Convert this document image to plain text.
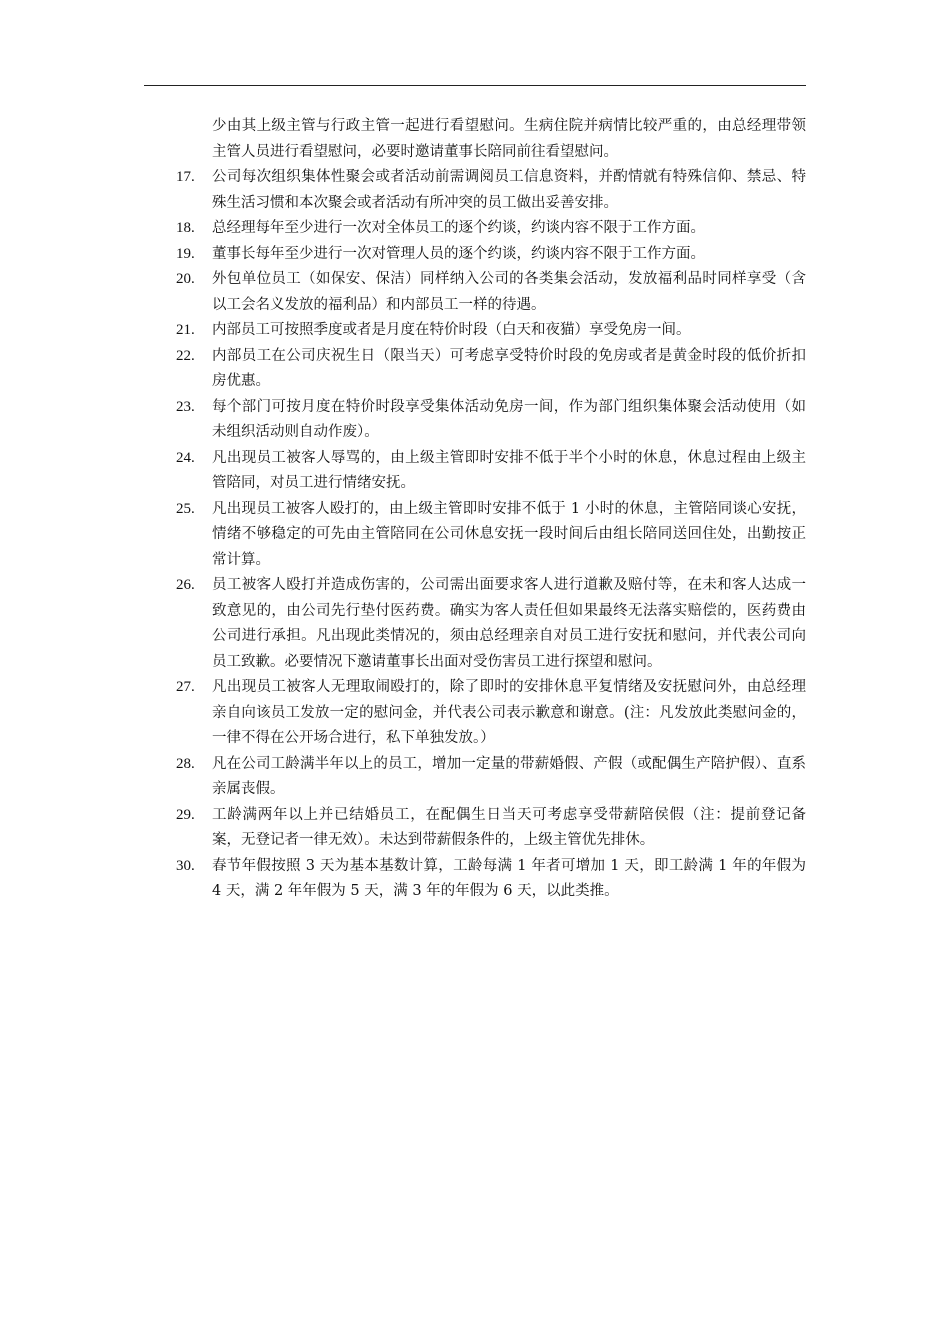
少由其上级主管与行政主管一起进行看望慰问。生病住院并病情比较严重的，由总经理带领主管人员进行看望慰问，必要时邀请董事长陪同前往看望慰问。
17. 公司每次组织集体性聚会或者活动前需调阅员工信息资料，并酌情就有特殊信仰、禁忌、特殊生活习惯和本次聚会或者活动有所冲突的员工做出妥善安排。
18. 总经理每年至少进行一次对全体员工的逐个约谈，约谈内容不限于工作方面。
19. 董事长每年至少进行一次对管理人员的逐个约谈，约谈内容不限于工作方面。
20. 外包单位员工（如保安、保洁）同样纳入公司的各类集会活动，发放福利品时同样享受（含以工会名义发放的福利品）和内部员工一样的待遇。
21. 内部员工可按照季度或者是月度在特价时段（白天和夜猫）享受免房一间。
22. 内部员工在公司庆祝生日（限当天）可考虑享受特价时段的免房或者是黄金时段的低价折扣房优惠。
23. 每个部门可按月度在特价时段享受集体活动免房一间，作为部门组织集体聚会活动使用（如未组织活动则自动作废）。
24. 凡出现员工被客人辱骂的，由上级主管即时安排不低于半个小时的休息，休息过程由上级主管陪同，对员工进行情绪安抚。
25. 凡出现员工被客人殴打的，由上级主管即时安排不低于 1 小时的休息，主管陪同谈心安抚，情绪不够稳定的可先由主管陪同在公司休息安抚一段时间后由组长陪同送回住处，出勤按正常计算。
26. 员工被客人殴打并造成伤害的，公司需出面要求客人进行道歉及赔付等，在未和客人达成一致意见的，由公司先行垫付医药费。确实为客人责任但如果最终无法落实赔偿的，医药费由公司进行承担。凡出现此类情况的，须由总经理亲自对员工进行安抚和慰问，并代表公司向员工致歉。必要情况下邀请董事长出面对受伤害员工进行探望和慰问。
27. 凡出现员工被客人无理取闹殴打的，除了即时的安排休息平复情绪及安抚慰问外，由总经理亲自向该员工发放一定的慰问金，并代表公司表示歉意和谢意。(注：凡发放此类慰问金的，一律不得在公开场合进行，私下单独发放。）
28. 凡在公司工龄满半年以上的员工，增加一定量的带薪婚假、产假（或配偶生产陪护假）、直系亲属丧假。
29. 工龄满两年以上并已结婚员工，在配偶生日当天可考虑享受带薪陪侯假（注：提前登记备案，无登记者一律无效）。未达到带薪假条件的，上级主管优先排休。
30. 春节年假按照 3 天为基本基数计算，工龄每满 1 年者可增加 1 天，即工龄满 1 年的年假为 4 天，满 2 年年假为 5 天，满 3 年的年假为 6 天，以此类推。
